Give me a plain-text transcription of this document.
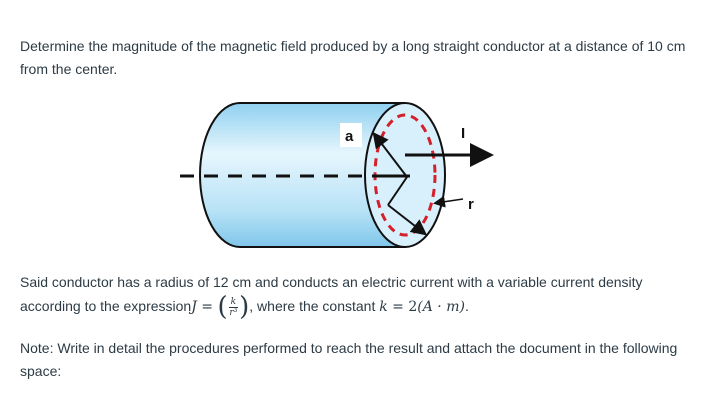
Determine the magnitude of the magnetic field produced by a long straight conductor at a distance of 10 cm from the center.

a	I
r

Said conductor has a radius of 12 cm and conducts an electric current with a variable current density according to the expressionJ = ( $\frac{k}{\text{r³}}$ ) , where the constant k = 2(A · m).

Note: Write in detail the procedures performed to reach the result and attach the document in the following space:
